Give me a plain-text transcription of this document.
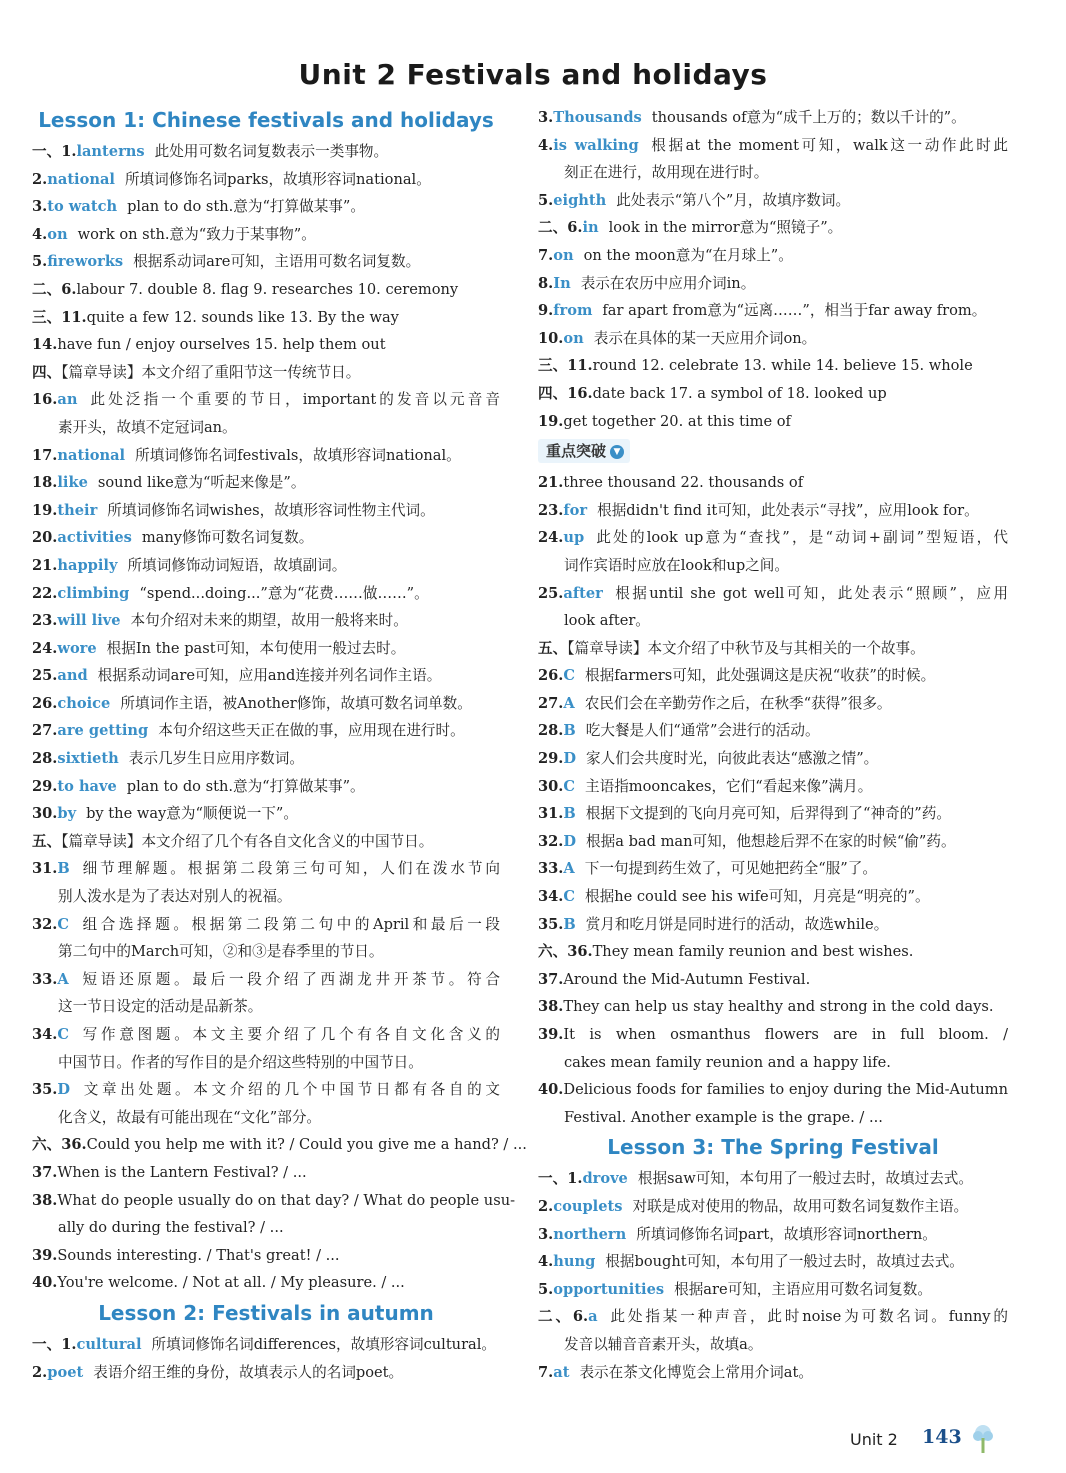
Unit 2 Festivals and holidays
Lesson 1: Chinese festivals and holidays
一、1.lanterns 此处用可数名词复数表示一类事物。
2.national 所填词修饰名词parks，故填形容词national。
3.to watch plan to do sth.意为“打算做某事”。
4.on work on sth.意为“致力于某事物”。
5.fireworks 根据系动词are可知，主语用可数名词复数。
二、6.labour 7. double 8. flag 9. researches 10. ceremony
三、11.quite a few 12. sounds like 13. By the way
14.have fun / enjoy ourselves 15. help them out
四、【篇章导读】本文介绍了重阳节这一传统节日。
16.an 此处泛指一个重要的节日，important的发音以元音音
素开头，故填不定冠词an。
17.national 所填词修饰名词festivals，故填形容词national。
18.like sound like意为“听起来像是”。
19.their 所填词修饰名词wishes，故填形容词性物主代词。
20.activities many修饰可数名词复数。
21.happily 所填词修饰动词短语，故填副词。
22.climbing “spend...doing...”意为“花费……做……”。
23.will live 本句介绍对未来的期望，故用一般将来时。
24.wore 根据In the past可知，本句使用一般过去时。
25.and 根据系动词are可知，应用and连接并列名词作主语。
26.choice 所填词作主语，被Another修饰，故填可数名词单数。
27.are getting 本句介绍这些天正在做的事，应用现在进行时。
28.sixtieth 表示几岁生日应用序数词。
29.to have plan to do sth.意为“打算做某事”。
30.by by the way意为“顺便说一下”。
五、【篇章导读】本文介绍了几个有各自文化含义的中国节日。
31.B 细节理解题。根据第二段第三句可知，人们在泼水节向
别人泼水是为了表达对别人的祝福。
32.C 组合选择题。根据第二段第二句中的April和最后一段
第二句中的March可知，②和③是春季里的节日。
33.A 短语还原题。最后一段介绍了西湖龙井开茶节。符合
这一节日设定的活动是品新茶。
34.C 写作意图题。本文主要介绍了几个有各自文化含义的
中国节日。作者的写作目的是介绍这些特别的中国节日。
35.D 文章出处题。本文介绍的几个中国节日都有各自的文
化含义，故最有可能出现在“文化”部分。
六、36.Could you help me with it? / Could you give me a hand? / ...
37.When is the Lantern Festival? / ...
38.What do people usually do on that day? / What do people usu-
ally do during the festival? / ...
39.Sounds interesting. / That's great! / ...
40.You're welcome. / Not at all. / My pleasure. / ...
Lesson 2: Festivals in autumn
一、1.cultural 所填词修饰名词differences，故填形容词cultural。
2.poet 表语介绍王维的身份，故填表示人的名词poet。
3.Thousands thousands of意为“成千上万的；数以千计的”。
4.is walking 根据at the moment可知，walk这一动作此时此
刻正在进行，故用现在进行时。
5.eighth 此处表示“第八个”月，故填序数词。
二、6.in look in the mirror意为“照镜子”。
7.on on the moon意为“在月球上”。
8.In 表示在农历中应用介词in。
9.from far apart from意为“远离……”，相当于far away from。
10.on 表示在具体的某一天应用介词on。
三、11.round 12. celebrate 13. while 14. believe 15. whole
四、16.date back 17. a symbol of 18. looked up
19.get together 20. at this time of
重点突破 ▼
21.three thousand 22. thousands of
23.for 根据didn't find it可知，此处表示“寻找”，应用look for。
24.up 此处的look up意为“查找”，是“动词+副词”型短语，代
词作宾语时应放在look和up之间。
25.after 根据until she got well可知，此处表示“照顾”，应用
look after。
五、【篇章导读】本文介绍了中秋节及与其相关的一个故事。
26.C 根据farmers可知，此处强调这是庆祝“收获”的时候。
27.A 农民们会在辛勤劳作之后，在秋季“获得”很多。
28.B 吃大餐是人们“通常”会进行的活动。
29.D 家人们会共度时光，向彼此表达“感激之情”。
30.C 主语指mooncakes，它们“看起来像”满月。
31.B 根据下文提到的飞向月亮可知，后羿得到了“神奇的”药。
32.D 根据a bad man可知，他想趁后羿不在家的时候“偷”药。
33.A 下一句提到药生效了，可见她把药全“服”了。
34.C 根据he could see his wife可知，月亮是“明亮的”。
35.B 赏月和吃月饼是同时进行的活动，故选while。
六、36.They mean family reunion and best wishes.
37.Around the Mid-Autumn Festival.
38.They can help us stay healthy and strong in the cold days.
39.It is when osmanthus flowers are in full bloom. /
cakes mean family reunion and a happy life.
40.Delicious foods for families to enjoy during the Mid-Autumn
Festival. Another example is the grape. / ...
Lesson 3: The Spring Festival
一、1.drove 根据saw可知，本句用了一般过去时，故填过去式。
2.couplets 对联是成对使用的物品，故用可数名词复数作主语。
3.northern 所填词修饰名词part，故填形容词northern。
4.hung 根据bought可知，本句用了一般过去时，故填过去式。
5.opportunities 根据are可知，主语应用可数名词复数。
二、6.a 此处指某一种声音，此时noise为可数名词。funny的
发音以辅音音素开头，故填a。
7.at 表示在茶文化博览会上常用介词at。
Unit 2 143
